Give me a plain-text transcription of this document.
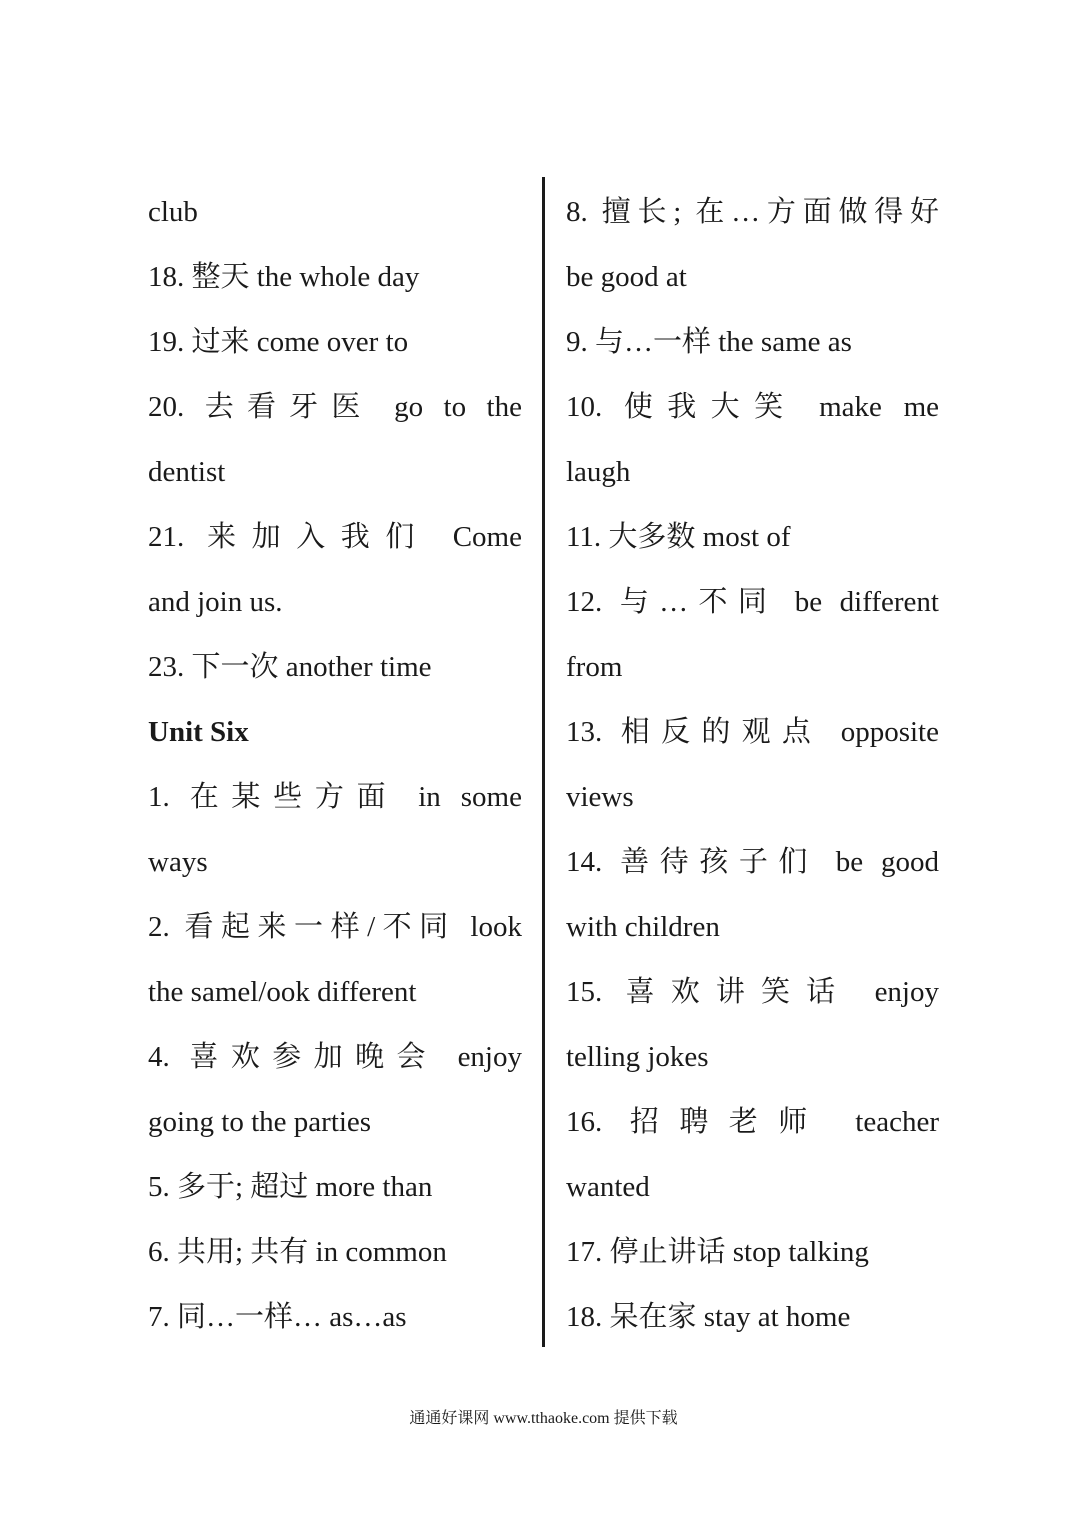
club
18. 整天 the whole day
19. 过来 come over to
20. 去看牙医 go to the
dentist
21. 来加入我们 Come
and join us.
23. 下一次 another time
Unit Six
1. 在某些方面 in some
ways
2. 看起来一样/不同 look
the samel/ook different
4. 喜欢参加晚会 enjoy
going to the parties
5. 多于; 超过 more than
6. 共用; 共有 in common
7. 同…一样… as…as
8. 擅长; 在…方面做得好
be good at
9. 与…一样 the same as
10. 使我大笑 make me
laugh
11. 大多数 most of
12. 与…不同 be different
from
13. 相反的观点 opposite
views
14. 善待孩子们 be good
with children
15. 喜欢讲笑话 enjoy
telling jokes
16. 招聘老师 teacher
wanted
17. 停止讲话 stop talking
18. 呆在家 stay at home
通通好课网 www.tthaoke.com 提供下载
